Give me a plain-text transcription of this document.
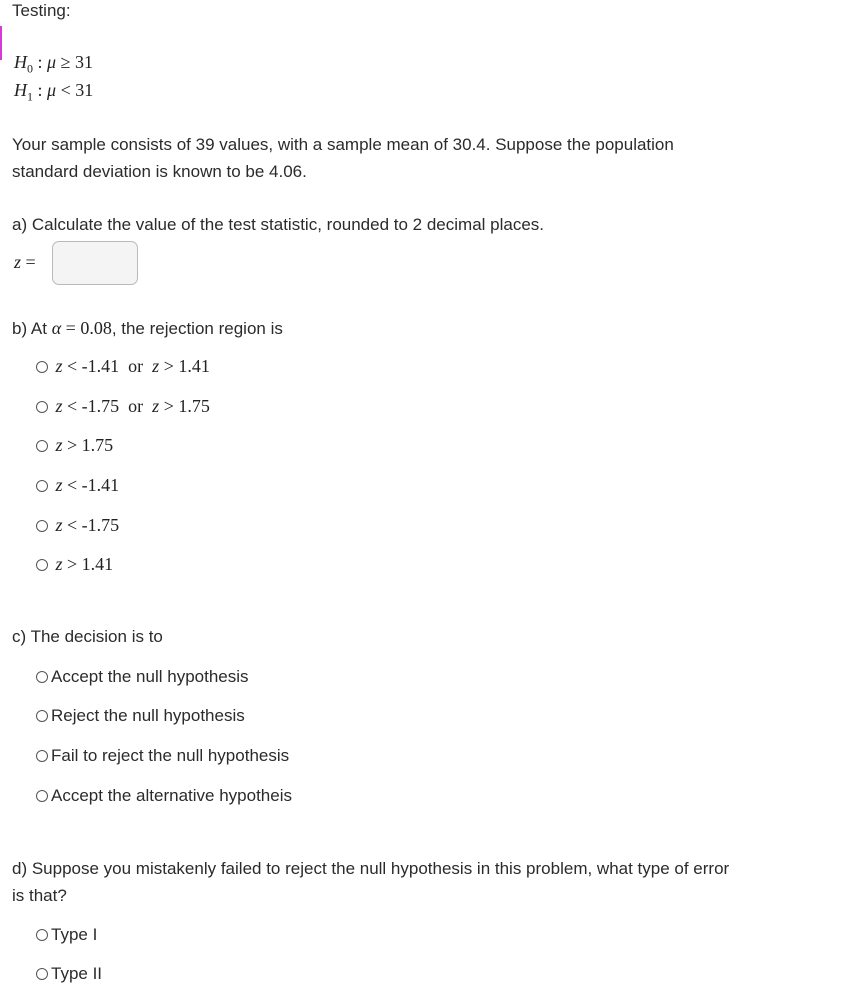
Testing:
$H_0$ : μ ≥ 31
$H_1$ : μ < 31
Your sample consists of 39 values, with a sample mean of 30.4. Suppose the population standard deviation is known to be 4.06.
a) Calculate the value of the test statistic, rounded to 2 decimal places.
z =
b) At α = 0.08, the rejection region is
z < -1.41 or z > 1.41
z < -1.75 or z > 1.75
z > 1.75
z < -1.41
z < -1.75
z > 1.41
c) The decision is to
Accept the null hypothesis
Reject the null hypothesis
Fail to reject the null hypothesis
Accept the alternative hypotheis
d) Suppose you mistakenly failed to reject the null hypothesis in this problem, what type of error is that?
Type I
Type II
